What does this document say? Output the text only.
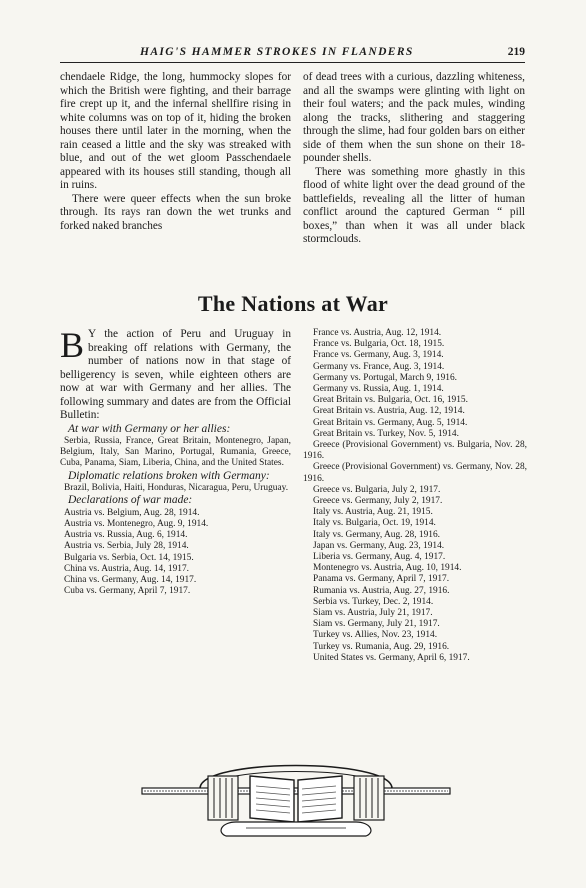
HAIG'S HAMMER STROKES IN FLANDERS	219

chendaele Ridge, the long, hummocky slopes for which the British were fighting, and their barrage fire crept up it, and the infernal shellfire rising in white columns was on top of it, hiding the broken houses there until later in the morning, when the rain ceased a little and the sky was streaked with blue, and out of the wet gloom Passchendaele appeared with its houses still standing, though all in ruins.

There were queer effects when the sun broke through. Its rays ran down the wet trunks and forked naked branches

of dead trees with a curious, dazzling whiteness, and all the swamps were glinting with light on their foul waters; and the pack mules, winding along the tracks, slithering and staggering through the slime, had four golden bars on either side of them when the sun shone on their 18-pounder shells.

There was something more ghastly in this flood of white light over the dead ground of the battlefields, revealing all the litter of human conflict around the captured German “ pill boxes,” than when it was all under black stormclouds.

The Nations at War

B Y the action of Peru and Uruguay in breaking off relations with Germany, the number of nations now in that stage of belligerency is seven, while eighteen others are now at war with Germany and her allies. The following summary and dates are from the Official Bulletin:

At war with Germany or her allies:

Serbia, Russia, France, Great Britain, Montenegro, Japan, Belgium, Italy, San Marino, Portugal, Rumania, Greece, Cuba, Panama, Siam, Liberia, China, and the United States.

Diplomatic relations broken with Germany:

Brazil, Bolivia, Haiti, Honduras, Nicaragua, Peru, Uruguay.

Declarations of war made:

Austria vs. Belgium, Aug. 28, 1914.
Austria vs. Montenegro, Aug. 9, 1914.
Austria vs. Russia, Aug. 6, 1914.
Austria vs. Serbia, July 28, 1914.
Bulgaria vs. Serbia, Oct. 14, 1915.
China vs. Austria, Aug. 14, 1917.
China vs. Germany, Aug. 14, 1917.
Cuba vs. Germany, April 7, 1917.
France vs. Austria, Aug. 12, 1914.
France vs. Bulgaria, Oct. 18, 1915.
France vs. Germany, Aug. 3, 1914.
Germany vs. France, Aug. 3, 1914.
Germany vs. Portugal, March 9, 1916.
Germany vs. Russia, Aug. 1, 1914.
Great Britain vs. Bulgaria, Oct. 16, 1915.
Great Britain vs. Austria, Aug. 12, 1914.
Great Britain vs. Germany, Aug. 5, 1914.
Great Britain vs. Turkey, Nov. 5, 1914.
Greece (Provisional Government) vs. Bulgaria, Nov. 28, 1916.
Greece (Provisional Government) vs. Germany, Nov. 28, 1916.
Greece vs. Bulgaria, July 2, 1917.
Greece vs. Germany, July 2, 1917.
Italy vs. Austria, Aug. 21, 1915.
Italy vs. Bulgaria, Oct. 19, 1914.
Italy vs. Germany, Aug. 28, 1916.
Japan vs. Germany, Aug. 23, 1914.
Liberia vs. Germany, Aug. 4, 1917.
Montenegro vs. Austria, Aug. 10, 1914.
Panama vs. Germany, April 7, 1917.
Rumania vs. Austria, Aug. 27, 1916.
Serbia vs. Turkey, Dec. 2, 1914.
Siam vs. Austria, July 21, 1917.
Siam vs. Germany, July 21, 1917.
Turkey vs. Allies, Nov. 23, 1914.
Turkey vs. Rumania, Aug. 29, 1916.
United States vs. Germany, April 6, 1917.
